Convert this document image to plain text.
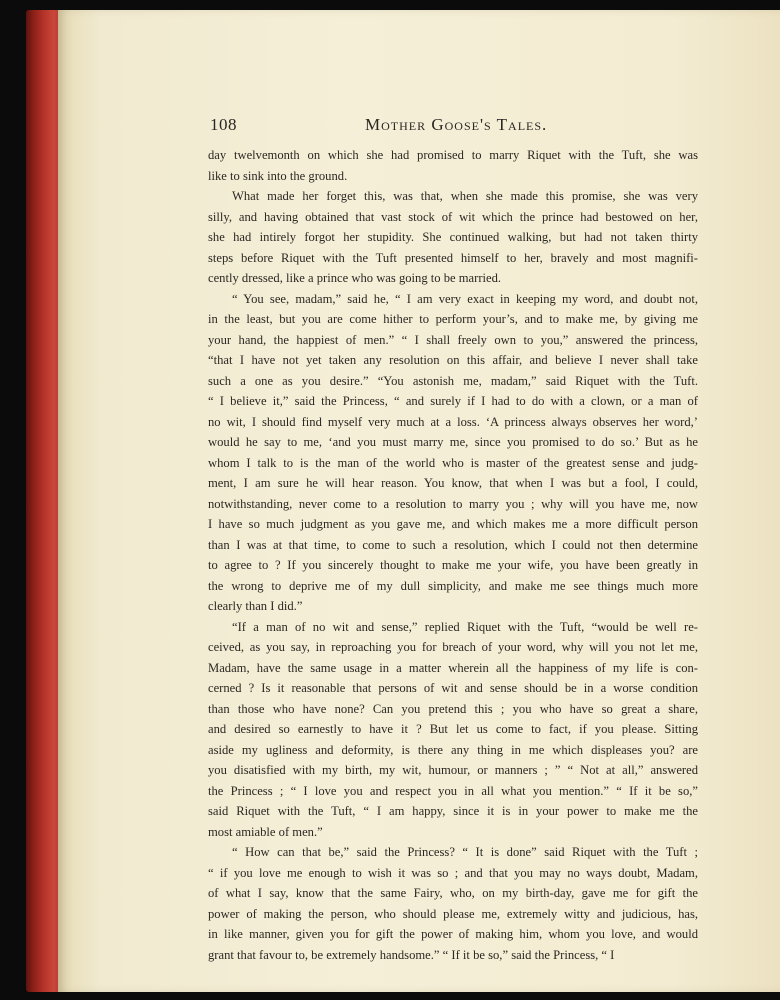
108	Mother Goose's Tales.

day twelvemonth on which she had promised to marry Riquet with the Tuft, she was
like to sink into the ground.

What made her forget this, was that, when she made this promise, she was very
silly, and having obtained that vast stock of wit which the prince had bestowed on her,
she had intirely forgot her stupidity. She continued walking, but had not taken thirty
steps before Riquet with the Tuft presented himself to her, bravely and most magnifi-
cently dressed, like a prince who was going to be married.

“ You see, madam,” said he, “ I am very exact in keeping my word, and doubt not,
in the least, but you are come hither to perform your’s, and to make me, by giving me
your hand, the happiest of men.” “ I shall freely own to you,” answered the princess,
“that I have not yet taken any resolution on this affair, and believe I never shall take
such a one as you desire.” “You astonish me, madam,” said Riquet with the Tuft.
“ I believe it,” said the Princess, “ and surely if I had to do with a clown, or a man of
no wit, I should find myself very much at a loss. ‘A princess always observes her word,’
would he say to me, ‘and you must marry me, since you promised to do so.’ But as he
whom I talk to is the man of the world who is master of the greatest sense and judg-
ment, I am sure he will hear reason. You know, that when I was but a fool, I could,
notwithstanding, never come to a resolution to marry you ; why will you have me, now
I have so much judgment as you gave me, and which makes me a more difficult person
than I was at that time, to come to such a resolution, which I could not then determine
to agree to ? If you sincerely thought to make me your wife, you have been greatly in
the wrong to deprive me of my dull simplicity, and make me see things much more
clearly than I did.”

“If a man of no wit and sense,” replied Riquet with the Tuft, “would be well re-
ceived, as you say, in reproaching you for breach of your word, why will you not let me,
Madam, have the same usage in a matter wherein all the happiness of my life is con-
cerned ? Is it reasonable that persons of wit and sense should be in a worse condition
than those who have none? Can you pretend this ; you who have so great a share,
and desired so earnestly to have it ? But let us come to fact, if you please. Sitting
aside my ugliness and deformity, is there any thing in me which displeases you? are
you disatisfied with my birth, my wit, humour, or manners ; ” “ Not at all,” answered
the Princess ; “ I love you and respect you in all what you mention.” “ If it be so,”
said Riquet with the Tuft, “ I am happy, since it is in your power to make me the
most amiable of men.”

“ How can that be,” said the Princess? “ It is done” said Riquet with the Tuft ;
“ if you love me enough to wish it was so ; and that you may no ways doubt, Madam,
of what I say, know that the same Fairy, who, on my birth-day, gave me for gift the
power of making the person, who should please me, extremely witty and judicious, has,
in like manner, given you for gift the power of making him, whom you love, and would
grant that favour to, be extremely handsome.” “ If it be so,” said the Princess, “ I
